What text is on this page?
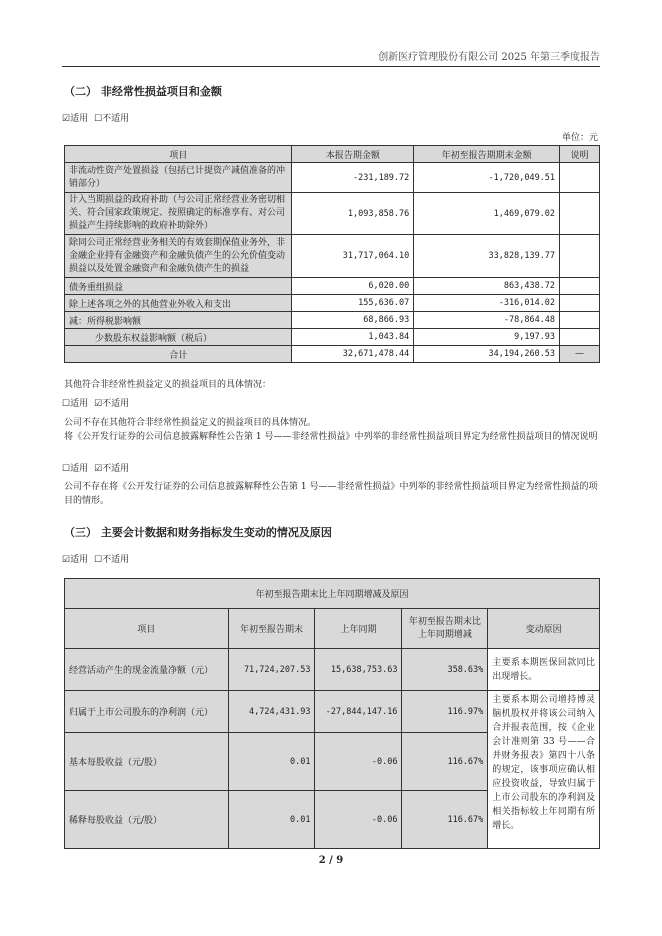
创新医疗管理股份有限公司 2025 年第三季度报告
（二） 非经常性损益项目和金额
☑适用 ☐不适用
单位：元
项目	本报告期金额	年初至报告期期末金额	说明
非流动性资产处置损益（包括已计提资产减值准备的冲销部分）	-231,189.72	-1,720,049.51	
计入当期损益的政府补助（与公司正常经营业务密切相关、符合国家政策规定、按照确定的标准享有、对公司损益产生持续影响的政府补助除外）	1,093,858.76	1,469,079.02	
除同公司正常经营业务相关的有效套期保值业务外，非金融企业持有金融资产和金融负债产生的公允价值变动损益以及处置金融资产和金融负债产生的损益	31,717,064.10	33,828,139.77	
债务重组损益	6,020.00	863,438.72	
除上述各项之外的其他营业外收入和支出	155,636.07	-316,014.02	
减：所得税影响额	68,866.93	-78,864.48	
少数股东权益影响额（税后）	1,043.84	9,197.93	
合计	32,671,478.44	34,194,260.53	—
其他符合非经常性损益定义的损益项目的具体情况：
☐适用 ☑不适用
公司不存在其他符合非经常性损益定义的损益项目的具体情况。
将《公开发行证券的公司信息披露解释性公告第 1 号——非经常性损益》中列举的非经常性损益项目界定为经常性损益项目的情况说明
☐适用 ☑不适用
公司不存在将《公开发行证券的公司信息披露解释性公告第 1 号——非经常性损益》中列举的非经常性损益项目界定为经常性损益的项目的情形。
（三） 主要会计数据和财务指标发生变动的情况及原因
☑适用 ☐不适用
年初至报告期末比上年同期增减及原因				
项目	年初至报告期末	上年同期	年初至报告期末比上年同期增减	变动原因
经营活动产生的现金流量净额（元）	71,724,207.53	15,638,753.63	358.63%	主要系本期医保回款同比出现增长。
归属于上市公司股东的净利润（元）	4,724,431.93	-27,844,147.16	116.97%	主要系本期公司增持博灵脑机股权并将该公司纳入合并报表范围，按《企业会计准则第 33 号——合并财务报表》第四十八条的规定，该事项应确认相应投资收益，导致归属于上市公司股东的净利润及相关指标较上年同期有所增长。
基本每股收益（元/股）	0.01	-0.06	116.67%	
稀释每股收益（元/股）	0.01	-0.06	116.67%	
2 / 9
